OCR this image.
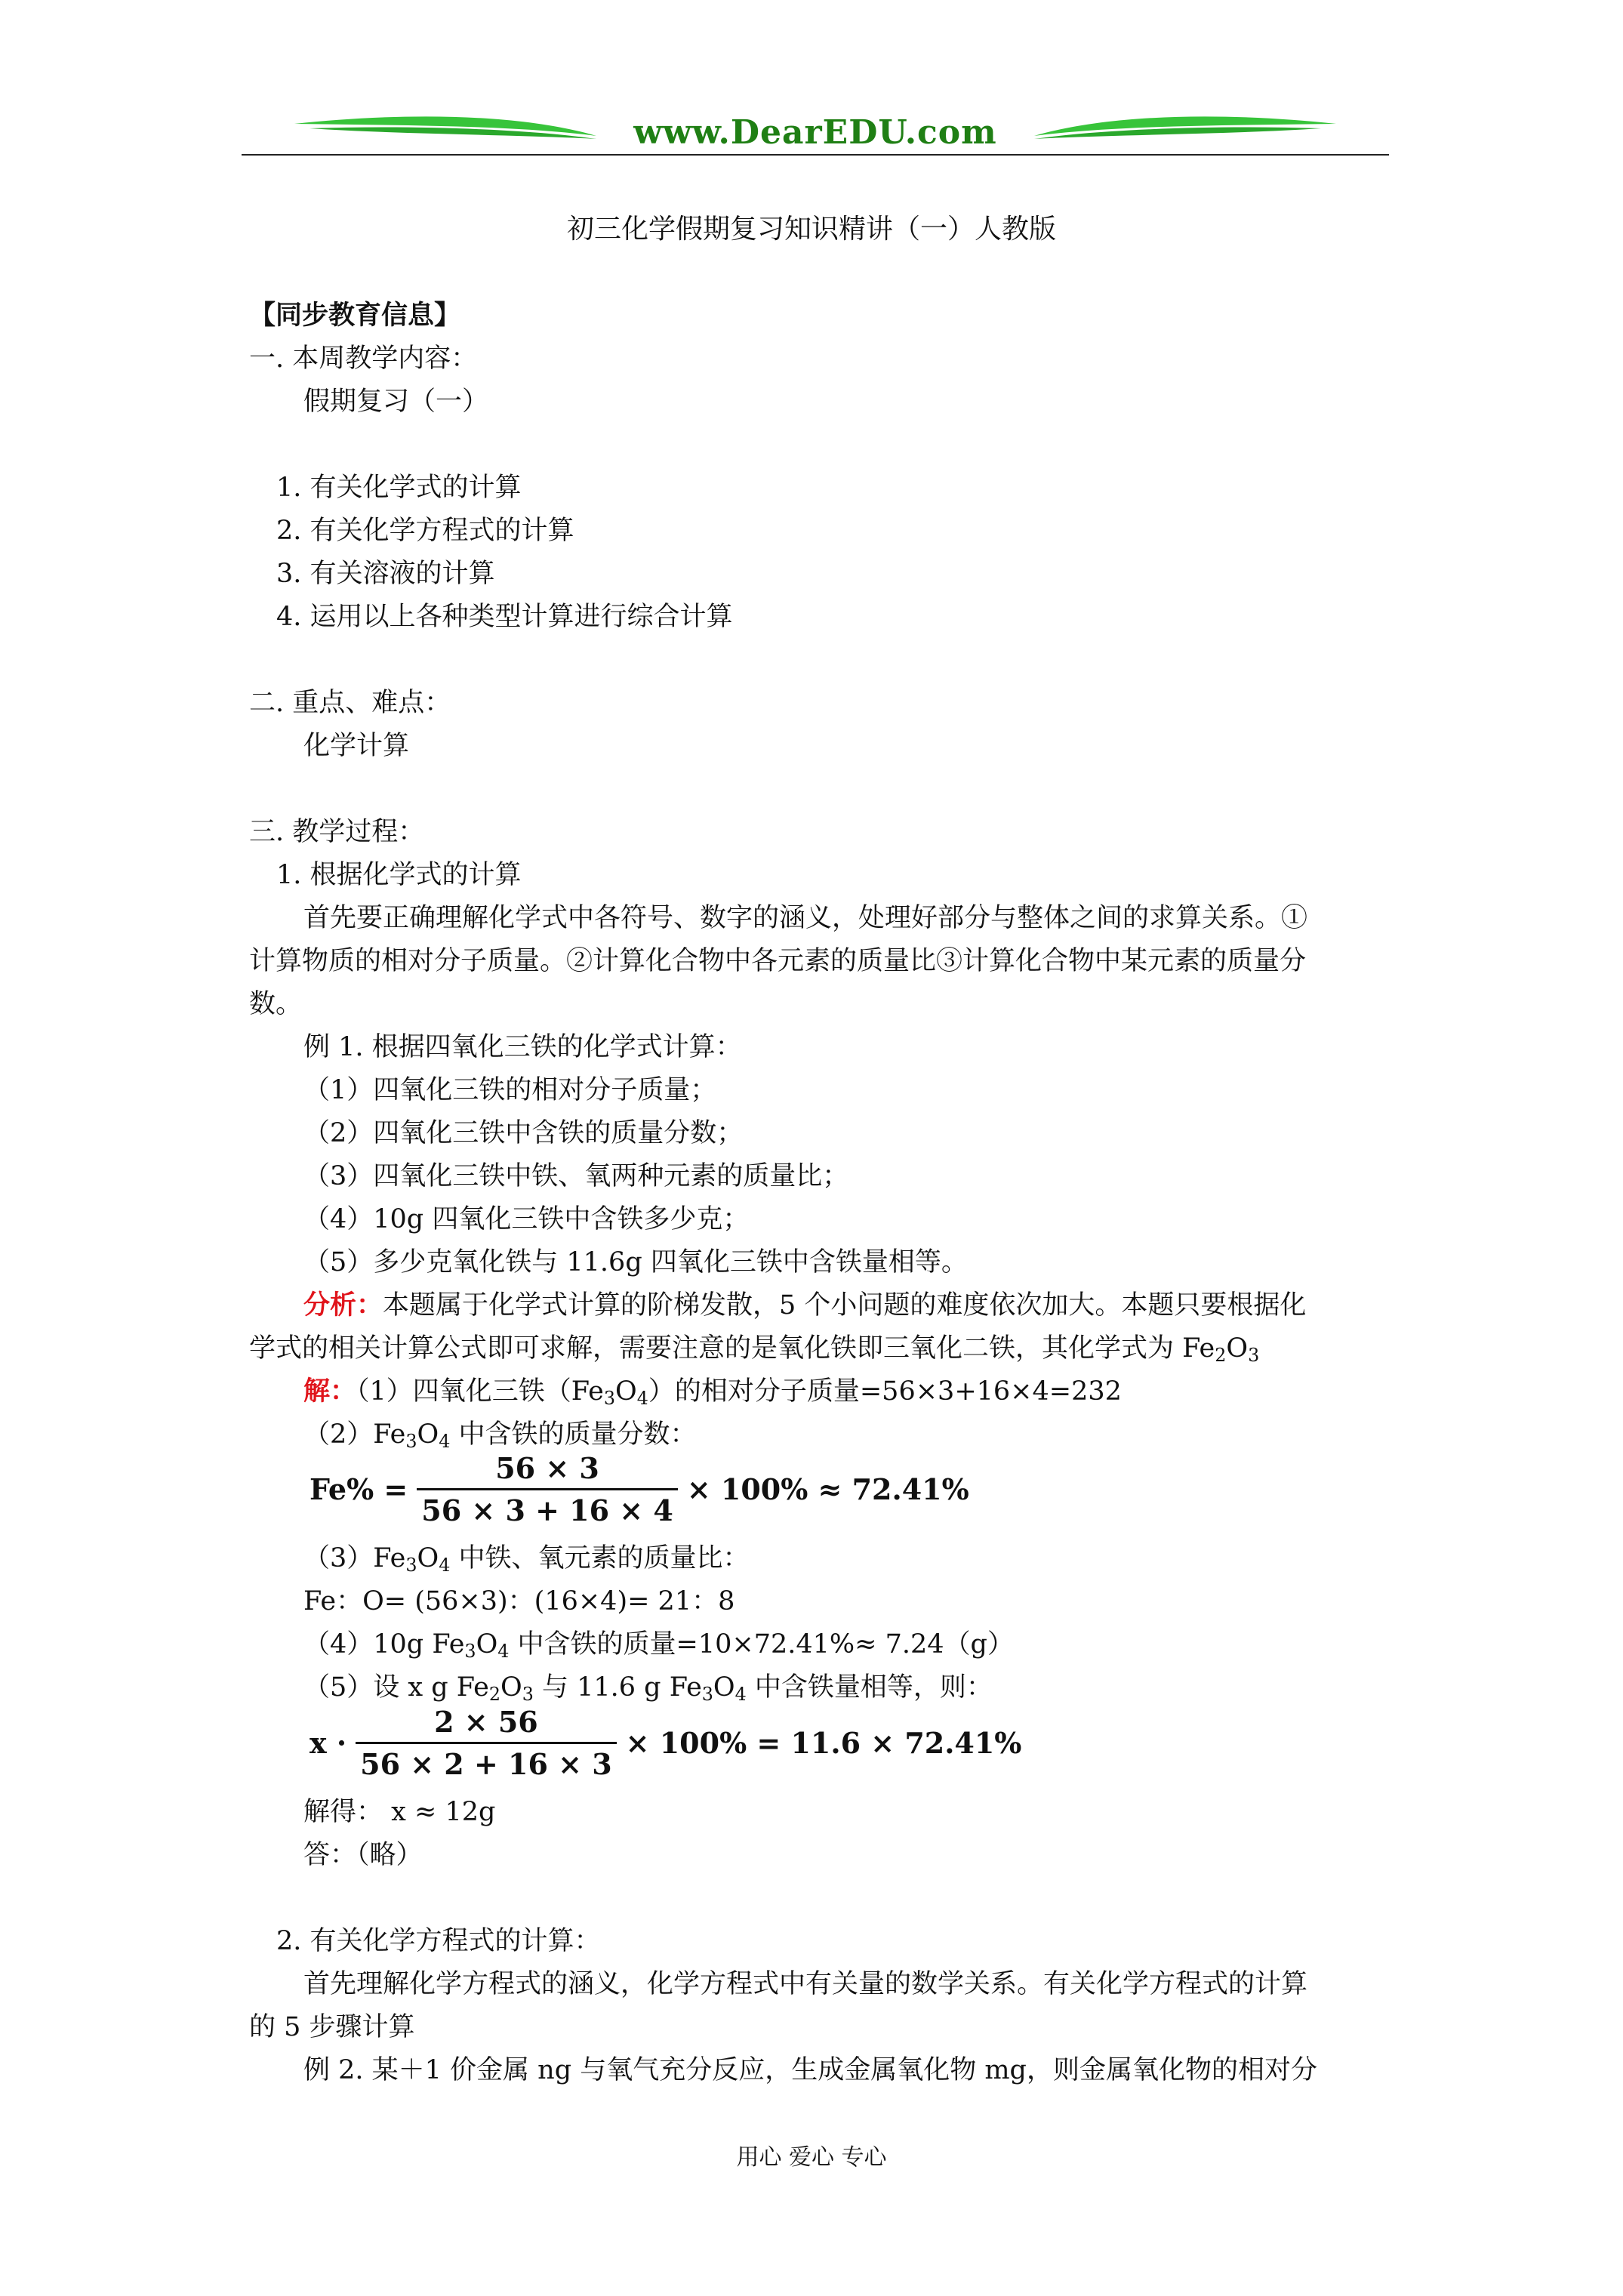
www.DearEDU.com
初三化学假期复习知识精讲（一）人教版
【同步教育信息】
一. 本周教学内容：
假期复习（一）
1. 有关化学式的计算
2. 有关化学方程式的计算
3. 有关溶液的计算
4. 运用以上各种类型计算进行综合计算
二. 重点、难点：
化学计算
三. 教学过程：
1. 根据化学式的计算
首先要正确理解化学式中各符号、数字的涵义，处理好部分与整体之间的求算关系。①
计算物质的相对分子质量。②计算化合物中各元素的质量比③计算化合物中某元素的质量分
数。
例 1. 根据四氧化三铁的化学式计算：
（1）四氧化三铁的相对分子质量；
（2）四氧化三铁中含铁的质量分数；
（3）四氧化三铁中铁、氧两种元素的质量比；
（4）10g 四氧化三铁中含铁多少克；
（5）多少克氧化铁与 11.6g 四氧化三铁中含铁量相等。
分析：本题属于化学式计算的阶梯发散，5 个小问题的难度依次加大。本题只要根据化
学式的相关计算公式即可求解，需要注意的是氧化铁即三氧化二铁，其化学式为 $Fe_2O_3$
解：（1）四氧化三铁$(Fe_3O_4)$的相对分子质量=56×3+16×4=232
$(2)Fe_3O_4$ 中含铁的质量分数：
$Fe\% = \frac{56 \times 3}{56 \times 3 + 16 \times 4} \times 100\% \approx 72.41\%$
$(3)Fe_3O_4$ 中铁、氧元素的质量比：
Fe：O= (56×3)：(16×4)= 21：8
（4）10g $Fe_3O_4$ 中含铁的质量=10×72.41%≈ 7.24（g）
（5）设 x g $Fe_2O_3$ 与 11.6 g $Fe_3O_4$ 中含铁量相等，则：
$x \cdot \frac{2 \times 56}{56 \times 2 + 16 \times 3} \times 100\% = 11.6 \times 72.41\%$
解得： x ≈ 12g
答：（略）
2. 有关化学方程式的计算：
首先理解化学方程式的涵义，化学方程式中有关量的数学关系。有关化学方程式的计算
的 5 步骤计算
例 2. 某＋1 价金属 ng 与氧气充分反应，生成金属氧化物 mg，则金属氧化物的相对分
用心 爱心 专心
